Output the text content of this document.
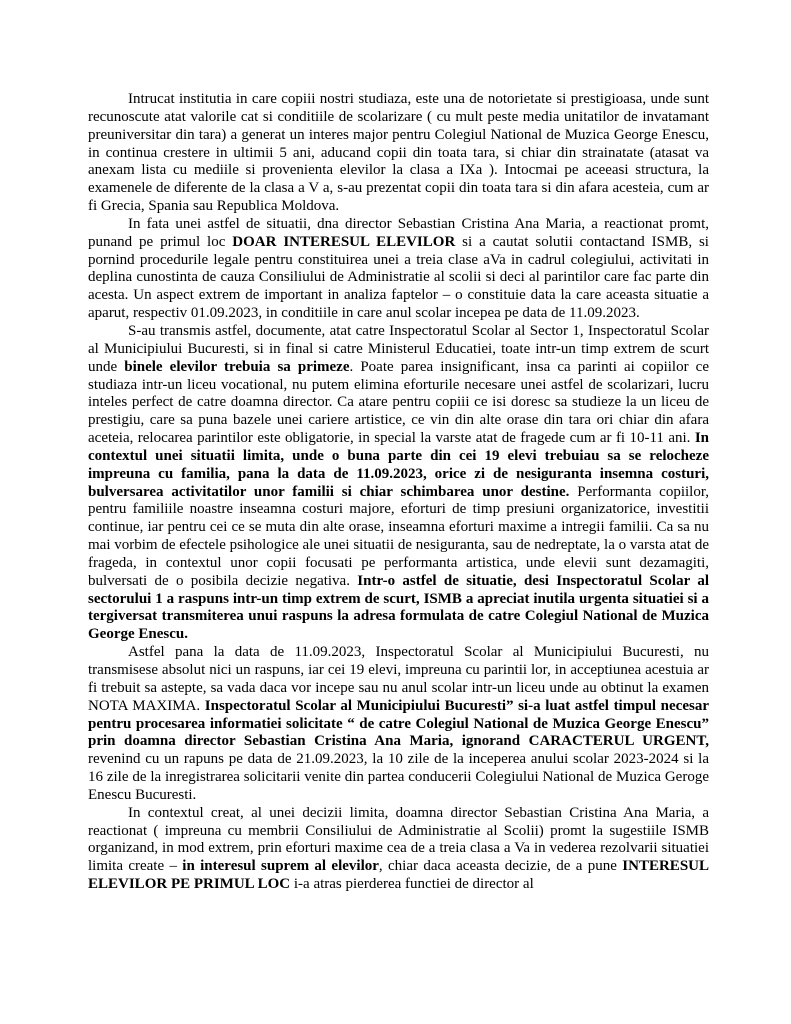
Intrucat institutia in care copiii nostri studiaza, este una de notorietate si prestigioasa, unde sunt recunoscute atat valorile cat si conditiile de scolarizare ( cu mult peste media unitatilor de invatamant preuniversitar din tara) a generat un interes major pentru Colegiul National de Muzica George Enescu, in continua crestere in ultimii 5 ani, aducand copii din toata tara, si chiar din strainatate (atasat va anexam lista cu mediile si provenienta elevilor la clasa a IXa ). Intocmai pe aceeasi structura, la examenele de diferente de la clasa a V a, s-au prezentat copii din toata tara si din afara acesteia, cum ar fi Grecia, Spania sau Republica Moldova.

In fata unei astfel de situatii, dna director Sebastian Cristina Ana Maria, a reactionat promt, punand pe primul loc DOAR INTERESUL ELEVILOR si a cautat solutii contactand ISMB, si pornind procedurile legale pentru constituirea unei a treia clase aVa in cadrul colegiului, activitati in deplina cunostinta de cauza Consiliului de Administratie al scolii si deci al parintilor care fac parte din acesta. Un aspect extrem de important in analiza faptelor – o constituie data la care aceasta situatie a aparut, respectiv 01.09.2023, in conditiile in care anul scolar incepea pe data de 11.09.2023.

S-au transmis astfel, documente, atat catre Inspectoratul Scolar al Sector 1, Inspectoratul Scolar al Municipiului Bucuresti, si in final si catre Ministerul Educatiei, toate intr-un timp extrem de scurt unde binele elevilor trebuia sa primeze. Poate parea insignificant, insa ca parinti ai copiilor ce studiaza intr-un liceu vocational, nu putem elimina eforturile necesare unei astfel de scolarizari, lucru inteles perfect de catre doamna director. Ca atare pentru copiii ce isi doresc sa studieze la un liceu de prestigiu, care sa puna bazele unei cariere artistice, ce vin din alte orase din tara ori chiar din afara aceteia, relocarea parintilor este obligatorie, in special la varste atat de fragede cum ar fi 10-11 ani. In contextul unei situatii limita, unde o buna parte din cei 19 elevi trebuiau sa se relocheze impreuna cu familia, pana la data de 11.09.2023, orice zi de nesiguranta insemna costuri, bulversarea activitatilor unor familii si chiar schimbarea unor destine. Performanta copiilor, pentru familiile noastre inseamna costuri majore, eforturi de timp presiuni organizatorice, investitii continue, iar pentru cei ce se muta din alte orase, inseamna eforturi maxime a intregii familii. Ca sa nu mai vorbim de efectele psihologice ale unei situatii de nesiguranta, sau de nedreptate, la o varsta atat de frageda, in contextul unor copii focusati pe performanta artistica, unde elevii sunt dezamagiti, bulversati de o posibila decizie negativa. Intr-o astfel de situatie, desi Inspectoratul Scolar al sectorului 1 a raspuns intr-un timp extrem de scurt, ISMB a apreciat inutila urgenta situatiei si a tergiversat transmiterea unui raspuns la adresa formulata de catre Colegiul National de Muzica George Enescu.

Astfel pana la data de 11.09.2023, Inspectoratul Scolar al Municipiului Bucuresti, nu transmisese absolut nici un raspuns, iar cei 19 elevi, impreuna cu parintii lor, in acceptiunea acestuia ar fi trebuit sa astepte, sa vada daca vor incepe sau nu anul scolar intr-un liceu unde au obtinut la examen NOTA MAXIMA. Inspectoratul Scolar al Municipiului Bucuresti” si-a luat astfel timpul necesar pentru procesarea informatiei solicitate “ de catre Colegiul National de Muzica George Enescu” prin doamna director Sebastian Cristina Ana Maria, ignorand CARACTERUL URGENT, revenind cu un rapuns pe data de 21.09.2023, la 10 zile de la inceperea anului scolar 2023-2024 si la 16 zile de la inregistrarea solicitarii venite din partea conducerii Colegiului National de Muzica Geroge Enescu Bucuresti.

In contextul creat, al unei decizii limita, doamna director Sebastian Cristina Ana Maria, a reactionat ( impreuna cu membrii Consiliului de Administratie al Scolii) promt la sugestiile ISMB organizand, in mod extrem, prin eforturi maxime cea de a treia clasa a Va in vederea rezolvarii situatiei limita create – in interesul suprem al elevilor, chiar daca aceasta decizie, de a pune INTERESUL ELEVILOR PE PRIMUL LOC i-a atras pierderea functiei de director al
